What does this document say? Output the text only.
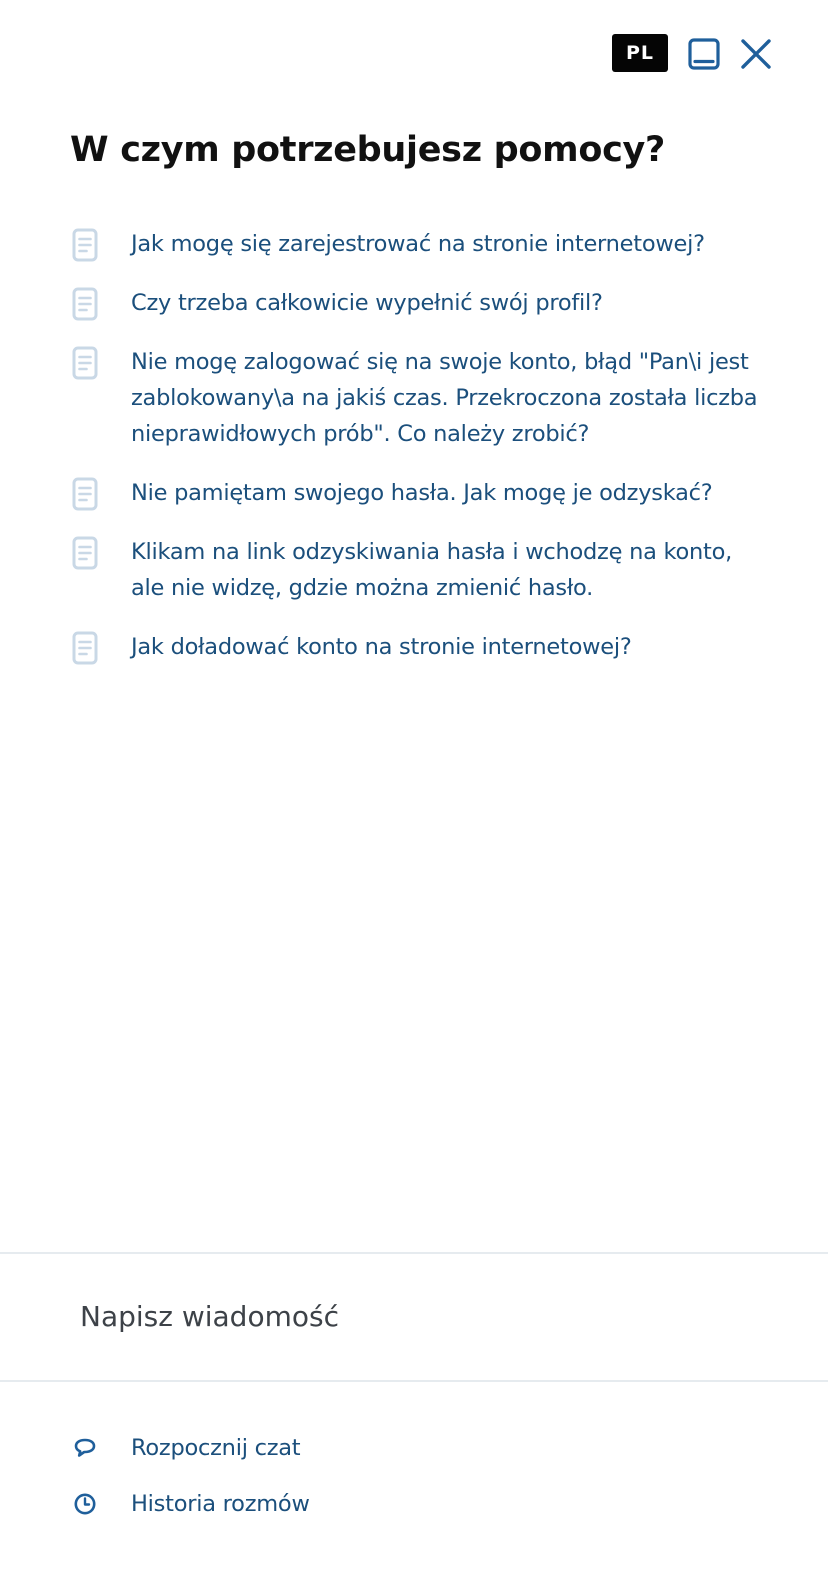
PL
W czym potrzebujesz pomocy?
Jak mogę się zarejestrować na stronie internetowej?
Czy trzeba całkowicie wypełnić swój profil?
Nie mogę zalogować się na swoje konto, błąd "Pan\i jest zablokowany\a na jakiś czas. Przekroczona została liczba nieprawidłowych prób". Co należy zrobić?
Nie pamiętam swojego hasła. Jak mogę je odzyskać?
Klikam na link odzyskiwania hasła i wchodzę na konto, ale nie widzę, gdzie można zmienić hasło.
Jak doładować konto na stronie internetowej?
Napisz wiadomość
Rozpocznij czat
Historia rozmów
